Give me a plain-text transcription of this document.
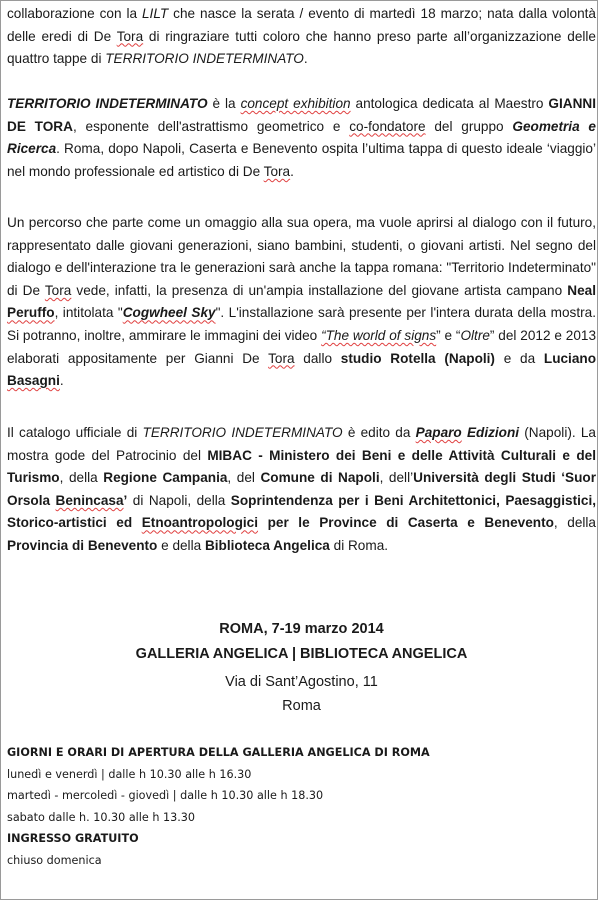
collaborazione con la LILT che nasce la serata / evento di martedì 18 marzo; nata dalla volontà delle eredi di De Tora di ringraziare tutti coloro che hanno preso parte all’organizzazione delle quattro tappe di TERRITORIO INDETERMINATO.

TERRITORIO INDETERMINATO è la concept exhibition antologica dedicata al Maestro GIANNI DE TORA, esponente dell'astrattismo geometrico e co-fondatore del gruppo Geometria e Ricerca. Roma, dopo Napoli, Caserta e Benevento ospita l’ultima tappa di questo ideale ‘viaggio’ nel mondo professionale ed artistico di De Tora.

Un percorso che parte come un omaggio alla sua opera, ma vuole aprirsi al dialogo con il futuro, rappresentato dalle giovani generazioni, siano bambini, studenti, o giovani artisti. Nel segno del dialogo e dell'interazione tra le generazioni sarà anche la tappa romana: "Territorio Indeterminato" di De Tora vede, infatti, la presenza di un'ampia installazione del giovane artista campano Neal Peruffo, intitolata "Cogwheel Sky". L'installazione sarà presente per l'intera durata della mostra. Si potranno, inoltre, ammirare le immagini dei video “The world of signs” e “Oltre” del 2012 e 2013 elaborati appositamente per Gianni De Tora dallo studio Rotella (Napoli) e da Luciano Basagni.

Il catalogo ufficiale di TERRITORIO INDETERMINATO è edito da Paparo Edizioni (Napoli). La mostra gode del Patrocinio del MIBAC - Ministero dei Beni e delle Attività Culturali e del Turismo, della Regione Campania, del Comune di Napoli, dell’Università degli Studi ‘Suor Orsola Benincasa’ di Napoli, della Soprintendenza per i Beni Architettonici, Paesaggistici, Storico-artistici ed Etnoantropologici per le Province di Caserta e Benevento, della Provincia di Benevento e della Biblioteca Angelica di Roma.

ROMA, 7-19 marzo 2014
GALLERIA ANGELICA | BIBLIOTECA ANGELICA
Via di Sant’Agostino, 11
Roma
GIORNI E ORARI DI APERTURA DELLA GALLERIA ANGELICA DI ROMA
lunedì e venerdì | dalle h 10.30 alle h 16.30
martedì - mercoledì - giovedì | dalle h 10.30 alle h 18.30
sabato dalle h. 10.30 alle h 13.30
INGRESSO GRATUITO
chiuso domenica
